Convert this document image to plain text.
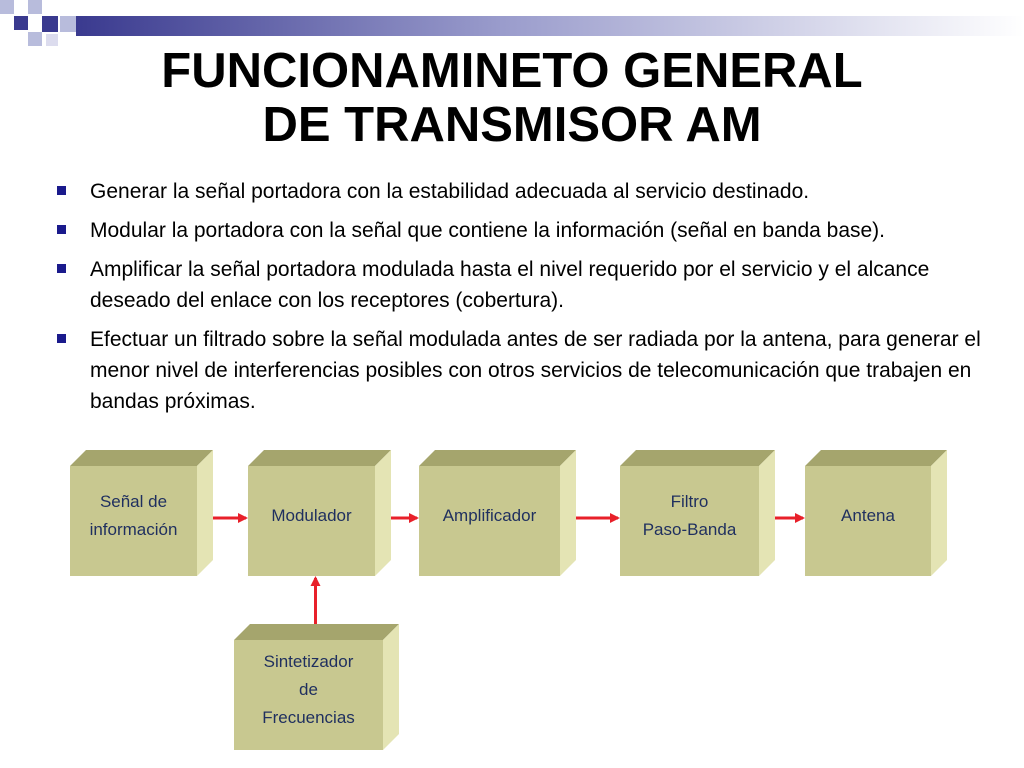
FUNCIONAMINETO GENERAL
DE TRANSMISOR AM
Generar la señal portadora con la estabilidad adecuada al servicio destinado.
Modular la portadora con la señal que contiene la información (señal en banda base).
Amplificar la señal portadora modulada hasta el nivel requerido por el servicio y el alcance deseado del enlace con los receptores (cobertura).
Efectuar un filtrado sobre la señal modulada antes de ser radiada por la antena, para generar el menor nivel de interferencias posibles con otros servicios de telecomunicación que trabajen en bandas próximas.
Señal de
información
Modulador	Amplificador
Filtro
Paso-Banda
Antena
Sintetizador
de
Frecuencias
